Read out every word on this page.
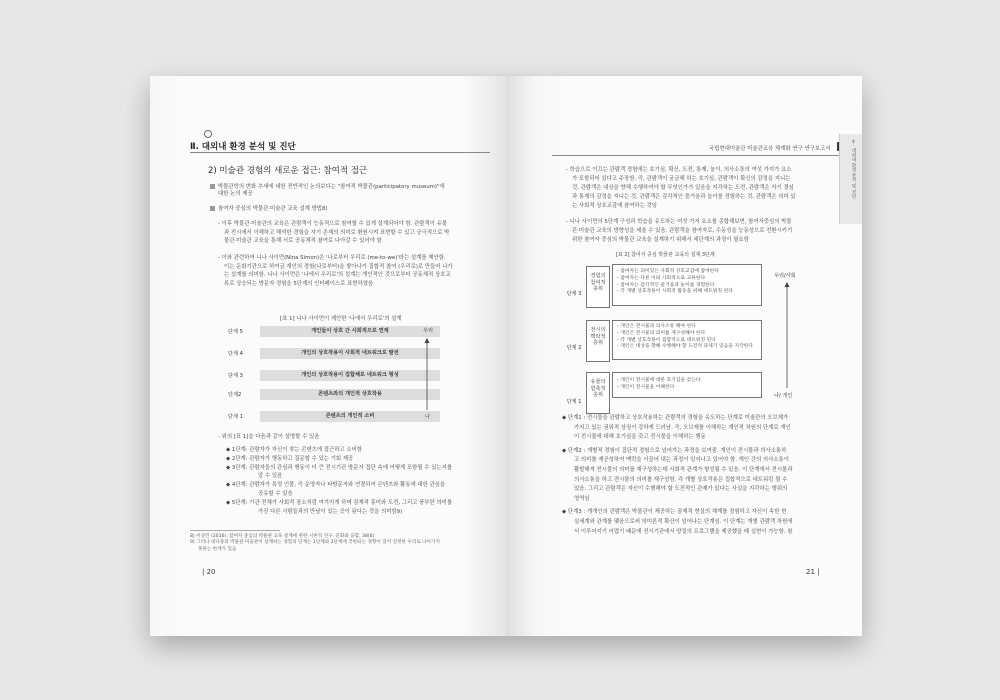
Ⅱ. 대외내 환경 분석 및 진단
2) 미술관 경험의 새로운 접근: 참여적 접근
박물관학의 변화 추세에 대한 전반적인 논의보다는 "참여적 박물관(participatory museum)"에
대한 논의 제공
참여자 중심의 박물관·미술관 교육 설계 방법8)
- 이후 박물관·미술관의 교육은 관람객이 능동적으로 참여할 수 있게 설계되어야 함. 관람객이 유물
과 전시에서 이해하고 해석한 경험을 자기 존재의 의미로 환원시켜 표현할 수 있고 궁극적으로 박
물관·미술관 교육을 통해 서로 공동체적 참여로 나아갈 수 있어야 함
- 이와 관련하여 니나 사이먼(Nina Simon)은 '나로부터 우리로 (me-to-we)'라는 설계를 제안함.
이는 문화기관으로 하여금 개인의 경험(나로부터)을 쌓아나가 집합적 참여 (우리로)로 만들어 나가
는 설계를 의미함. 니나 사이먼은 '나에서 우리로'의 설계는 개인적인 것으로부터 공동체적 상호교
류로 상승되는 방문자 경험을 5단계의 인터페이스로 표현하였음
[표 1] 니나 사이먼이 제안한 '나에서 우리로'의 설계
단계 5	개인들이 상호 간 사회적으로 연계
단계 4	개인의 상호작용이 사회적 네트워크로 발전
단계 3	개인의 상호작용이 집합체로 네트워크 형성
단계2	콘텐츠와의 개인적 상호작용
단계 1	콘텐츠의 개인적 소비
우리
나
- 위의 [표 1]을 다음과 같이 설명할 수 있음
◆ 1단계: 관람자가 자신이 찾는 콘텐츠에 접근하고 소비함
◆ 2단계: 관람자가 행동하고 질문할 수 있는 기회 제공
◆ 3단계: 관람자들의 관심과 행동이 더 큰 전시기관 방문자 집단 속에 어떻게 포함될 수 있는지를
알 수 있음
◆ 4단계: 관람자가 특정 인물, 즉 운영자나 타방문자와 연결되어 콘텐츠와 활동에 대한 관심을
공유할 수 있음
◆ 5단계: 기관 전체가 사회적 장소처럼 여겨지게 하며 잠재적 흥미와 도전, 그리고 풍부한 의미를
가진 다른 사람들과의 만남이 있는 곳이 된다는 것을 의미함9)
8) 이상민 (2016). 참여자 중심의 박물관 교육 설계에 관한 시론적 연구. 문화와 융합, 38(6)
9) 그러나 대다중의 박물관·미술관이 설계하는 경험의 단계는 1단계와 2단계에 국한되는 경향이 있어 진정한 우리로 나아가지
못하는 한계가 있음
| 20
국립현대미술관 미술관교육 체계화 연구 연구보고서	Ⅱ. 대외내 환경 분석 및 진단
- 학습으로 이끄는 관람객 경험에는 호기심, 확신, 도전, 통제, 놀이, 의사소통의 여섯 가지가 요소
가 포함되어 있다고 주장함. 즉, 관람객이 궁금해 하는 호기심, 관람객이 확신의 감정을 지니는
것, 관람객은 대상을 향해 수행하여야 할 무엇인가가 있음을 지각하는 도전, 관람객은 자기 결심
과 통제의 감정을 지니는 것, 관람객은 감각적인 즐거움과 놀이를 경험하는 것, 관람객은 의미 있
는 사회적 상호교감에 참여하는 것임
- 니나 사이먼의 5단계 구성과 학습을 유도하는 여섯 가지 요소를 종합해보면, 참여자중심의 박물
관·미술관 교육의 방향성을 세울 수 있음. 관람객을 참여자로, 수동성을 능동성으로 전환시키기
위한 참여자 중심의 박물관 교육을 설계하기 위해서 세단계의 과정이 필요함
[표 2] 참여자 중심 박물관 교육의 설계 3단계
단계 3
경험의
참여적
층위
- 참여자는 의미있는 사회적 상호교감에 참여한다
- 참여자는 다른 이와 사회적으로 교류한다
- 참여자는 감각적인 즐거움과 놀이를 경험한다
- 각 개별 상호작용이 사회적 활동을 위해 네트워킹 된다
단계 2
전시의
맥락적
층위
- 개인은 전시물과 의사소통 해야 한다
- 개인은 전시물의 의미를 재구성해야 한다
- 각 개별 상호작용이 집합적으로 네트워킹 된다
- 개인은 대상을 향해 수행해야 할 도전적 과제가 있음을 지각한다
단계 1
유물의
함축적
층위
- 개인이 전시물에 대한 호기심을 갖는다
- 개인이 전시물을 이해한다
우리/사회
나/ 개인
◆ 단계1 : 전시물을 관람하고 상호작용하는 관람객의 경험을 유도하는 단계로 미술관의 오브제가
가지고 있는 권위적 상징이 강하게 드러남. 즉, 오브제를 이해하는 개인적 차원의 단계로 개인
이 전시물에 대해 호기심을 갖고 전시물을 이해하는 행동
◆ 단계2 : 개별적 경험이 집단적 경험으로 넘어가는 과정을 보여줌. 개인이 전시물과 의사소통하
고 의미를 재공성하여 맥락을 이끌어 내는 과정이 일어나고 있어야 함. 개인 간의 의사소통이
활발해져 전시물의 의미를 재구성하는데 사회적 관계가 형성될 수 있음. 이 단계에서 전시물과
의사소통을 하고 전시물의 의미를 재구성함. 각 개별 상호작용은 집합적으로 네트워킹 될 수
있음. 그리고 관람객은 자신이 수행해야 할 도전적인 관제가 있다는 사실을 지각하는 행위의
영역임
◆ 단계3 : 개개인의 관람객은 박물관이 제공하는 잠재적 현실의 체계를 경험하고 자신이 속한 현
실세계와 관계를 맺음으로써 의미론적 확산이 일어나는 단계임. 이 단계는 개별 관람객 차원에
서 이루어지기 어렵기 때문에 전시기관에서 양질의 프로그램을 제공했을 때 실현이 가능함. 참
21 |
